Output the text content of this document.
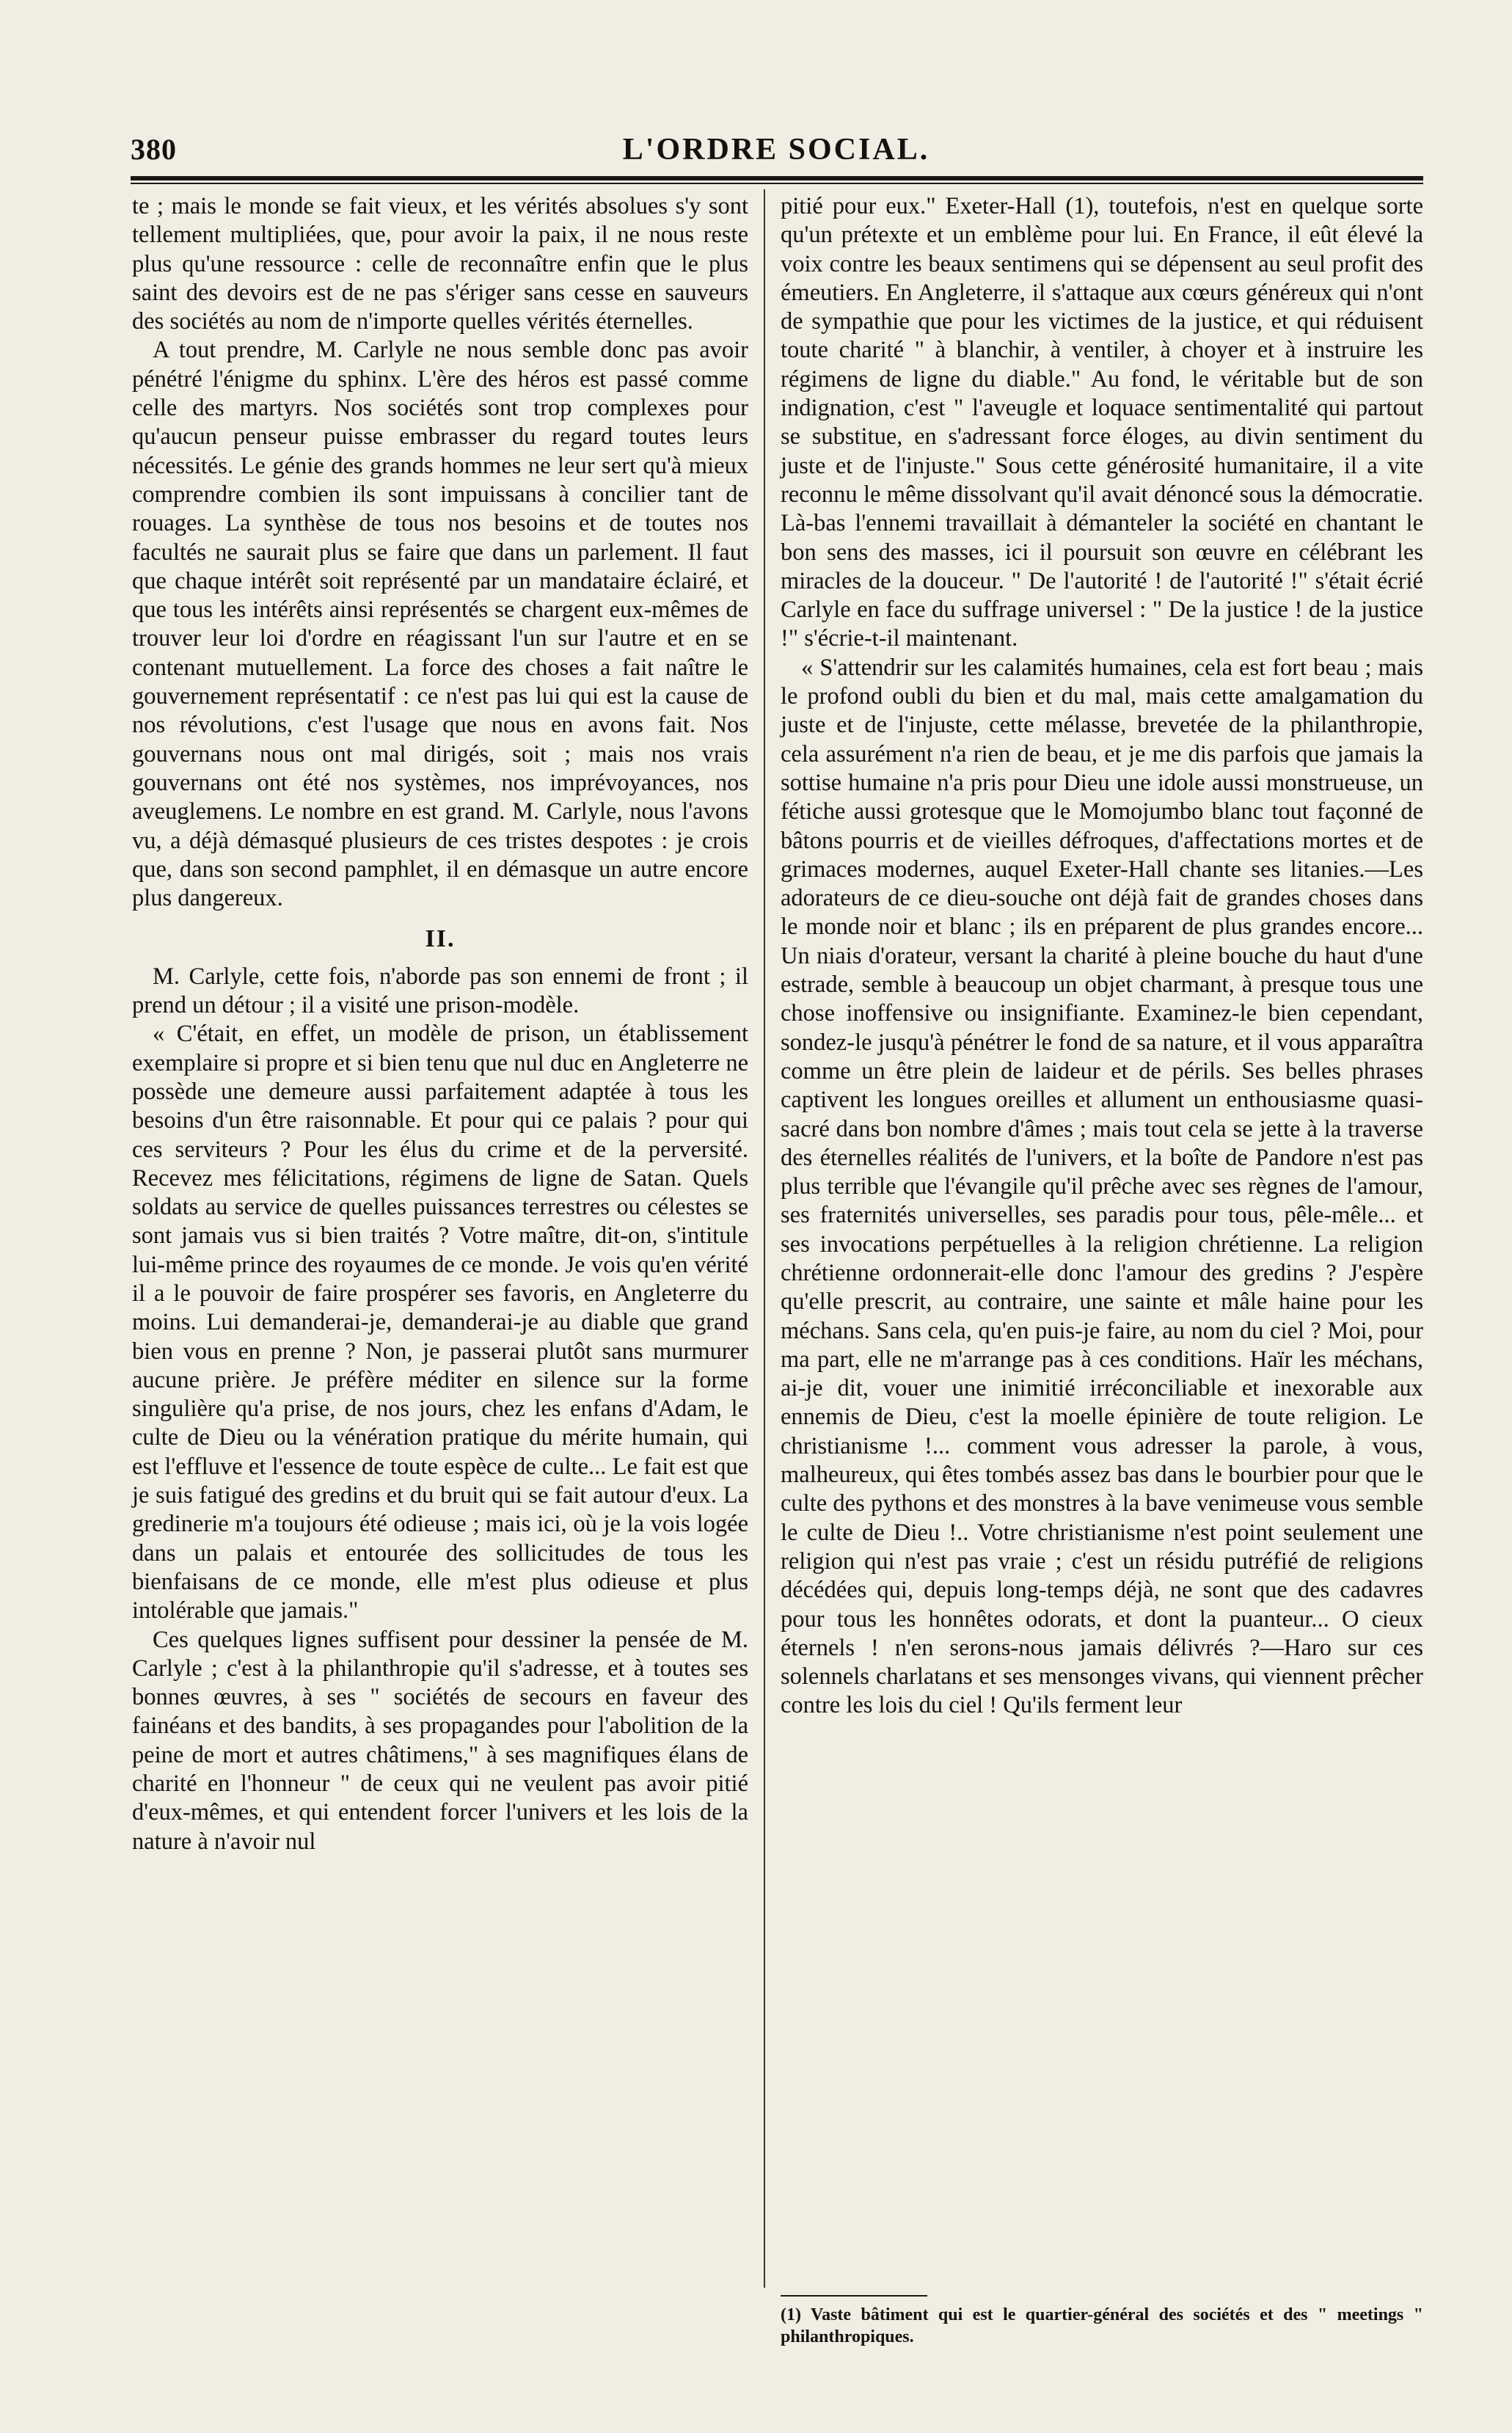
380	L'ORDRE SOCIAL.

te ; mais le monde se fait vieux, et les vérités absolues s'y sont tellement multipliées, que, pour avoir la paix, il ne nous reste plus qu'une ressource : celle de reconnaître enfin que le plus saint des devoirs est de ne pas s'ériger sans cesse en sauveurs des sociétés au nom de n'importe quelles vérités éternelles.

A tout prendre, M. Carlyle ne nous semble donc pas avoir pénétré l'énigme du sphinx. L'ère des héros est passé comme celle des martyrs. Nos sociétés sont trop complexes pour qu'aucun penseur puisse embrasser du regard toutes leurs nécessités. Le génie des grands hommes ne leur sert qu'à mieux comprendre combien ils sont impuissans à concilier tant de rouages. La synthèse de tous nos besoins et de toutes nos facultés ne saurait plus se faire que dans un parlement. Il faut que chaque intérêt soit représenté par un mandataire éclairé, et que tous les intérêts ainsi représentés se chargent eux-mêmes de trouver leur loi d'ordre en réagissant l'un sur l'autre et en se contenant mutuellement. La force des choses a fait naître le gouvernement représentatif : ce n'est pas lui qui est la cause de nos révolutions, c'est l'usage que nous en avons fait. Nos gouvernans nous ont mal dirigés, soit ; mais nos vrais gouvernans ont été nos systèmes, nos imprévoyances, nos aveuglemens. Le nombre en est grand. M. Carlyle, nous l'avons vu, a déjà démasqué plusieurs de ces tristes despotes : je crois que, dans son second pamphlet, il en démasque un autre encore plus dangereux.

II.

M. Carlyle, cette fois, n'aborde pas son ennemi de front ; il prend un détour ; il a visité une prison-modèle.

« C'était, en effet, un modèle de prison, un établissement exemplaire si propre et si bien tenu que nul duc en Angleterre ne possède une demeure aussi parfaitement adaptée à tous les besoins d'un être raisonnable. Et pour qui ce palais ? pour qui ces serviteurs ? Pour les élus du crime et de la perversité. Recevez mes félicitations, régimens de ligne de Satan. Quels soldats au service de quelles puissances terrestres ou célestes se sont jamais vus si bien traités ? Votre maître, dit-on, s'intitule lui-même prince des royaumes de ce monde. Je vois qu'en vérité il a le pouvoir de faire prospérer ses favoris, en Angleterre du moins. Lui demanderai-je, demanderai-je au diable que grand bien vous en prenne ? Non, je passerai plutôt sans murmurer aucune prière. Je préfère méditer en silence sur la forme singulière qu'a prise, de nos jours, chez les enfans d'Adam, le culte de Dieu ou la vénération pratique du mérite humain, qui est l'effluve et l'essence de toute espèce de culte... Le fait est que je suis fatigué des gredins et du bruit qui se fait autour d'eux. La gredinerie m'a toujours été odieuse ; mais ici, où je la vois logée dans un palais et entourée des sollicitudes de tous les bienfaisans de ce monde, elle m'est plus odieuse et plus intolérable que jamais."

Ces quelques lignes suffisent pour dessiner la pensée de M. Carlyle ; c'est à la philanthropie qu'il s'adresse, et à toutes ses bonnes œuvres, à ses " sociétés de secours en faveur des fainéans et des bandits, à ses propagandes pour l'abolition de la peine de mort et autres châtimens," à ses magnifiques élans de charité en l'honneur " de ceux qui ne veulent pas avoir pitié d'eux-mêmes, et qui entendent forcer l'univers et les lois de la nature à n'avoir nul

pitié pour eux." Exeter-Hall (1), toutefois, n'est en quelque sorte qu'un prétexte et un emblème pour lui. En France, il eût élevé la voix contre les beaux sentimens qui se dépensent au seul profit des émeutiers. En Angleterre, il s'attaque aux cœurs généreux qui n'ont de sympathie que pour les victimes de la justice, et qui réduisent toute charité " à blanchir, à ventiler, à choyer et à instruire les régimens de ligne du diable." Au fond, le véritable but de son indignation, c'est " l'aveugle et loquace sentimentalité qui partout se substitue, en s'adressant force éloges, au divin sentiment du juste et de l'injuste." Sous cette générosité humanitaire, il a vite reconnu le même dissolvant qu'il avait dénoncé sous la démocratie. Là-bas l'ennemi travaillait à démanteler la société en chantant le bon sens des masses, ici il poursuit son œuvre en célébrant les miracles de la douceur. " De l'autorité ! de l'autorité !" s'était écrié Carlyle en face du suffrage universel : " De la justice ! de la justice !" s'écrie-t-il maintenant.

« S'attendrir sur les calamités humaines, cela est fort beau ; mais le profond oubli du bien et du mal, mais cette amalgamation du juste et de l'injuste, cette mélasse, brevetée de la philanthropie, cela assurément n'a rien de beau, et je me dis parfois que jamais la sottise humaine n'a pris pour Dieu une idole aussi monstrueuse, un fétiche aussi grotesque que le Momojumbo blanc tout façonné de bâtons pourris et de vieilles défroques, d'affectations mortes et de grimaces modernes, auquel Exeter-Hall chante ses litanies.—Les adorateurs de ce dieu-souche ont déjà fait de grandes choses dans le monde noir et blanc ; ils en préparent de plus grandes encore... Un niais d'orateur, versant la charité à pleine bouche du haut d'une estrade, semble à beaucoup un objet charmant, à presque tous une chose inoffensive ou insignifiante. Examinez-le bien cependant, sondez-le jusqu'à pénétrer le fond de sa nature, et il vous apparaîtra comme un être plein de laideur et de périls. Ses belles phrases captivent les longues oreilles et allument un enthousiasme quasi-sacré dans bon nombre d'âmes ; mais tout cela se jette à la traverse des éternelles réalités de l'univers, et la boîte de Pandore n'est pas plus terrible que l'évangile qu'il prêche avec ses règnes de l'amour, ses fraternités universelles, ses paradis pour tous, pêle-mêle... et ses invocations perpétuelles à la religion chrétienne. La religion chrétienne ordonnerait-elle donc l'amour des gredins ? J'espère qu'elle prescrit, au contraire, une sainte et mâle haine pour les méchans. Sans cela, qu'en puis-je faire, au nom du ciel ? Moi, pour ma part, elle ne m'arrange pas à ces conditions. Haïr les méchans, ai-je dit, vouer une inimitié irréconciliable et inexorable aux ennemis de Dieu, c'est la moelle épinière de toute religion. Le christianisme !... comment vous adresser la parole, à vous, malheureux, qui êtes tombés assez bas dans le bourbier pour que le culte des pythons et des monstres à la bave venimeuse vous semble le culte de Dieu !.. Votre christianisme n'est point seulement une religion qui n'est pas vraie ; c'est un résidu putréfié de religions décédées qui, depuis long-temps déjà, ne sont que des cadavres pour tous les honnêtes odorats, et dont la puanteur... O cieux éternels ! n'en serons-nous jamais délivrés ?—Haro sur ces solennels charlatans et ses mensonges vivans, qui viennent prêcher contre les lois du ciel ! Qu'ils ferment leur

(1) Vaste bâtiment qui est le quartier-général des sociétés et des " meetings " philanthropiques.
